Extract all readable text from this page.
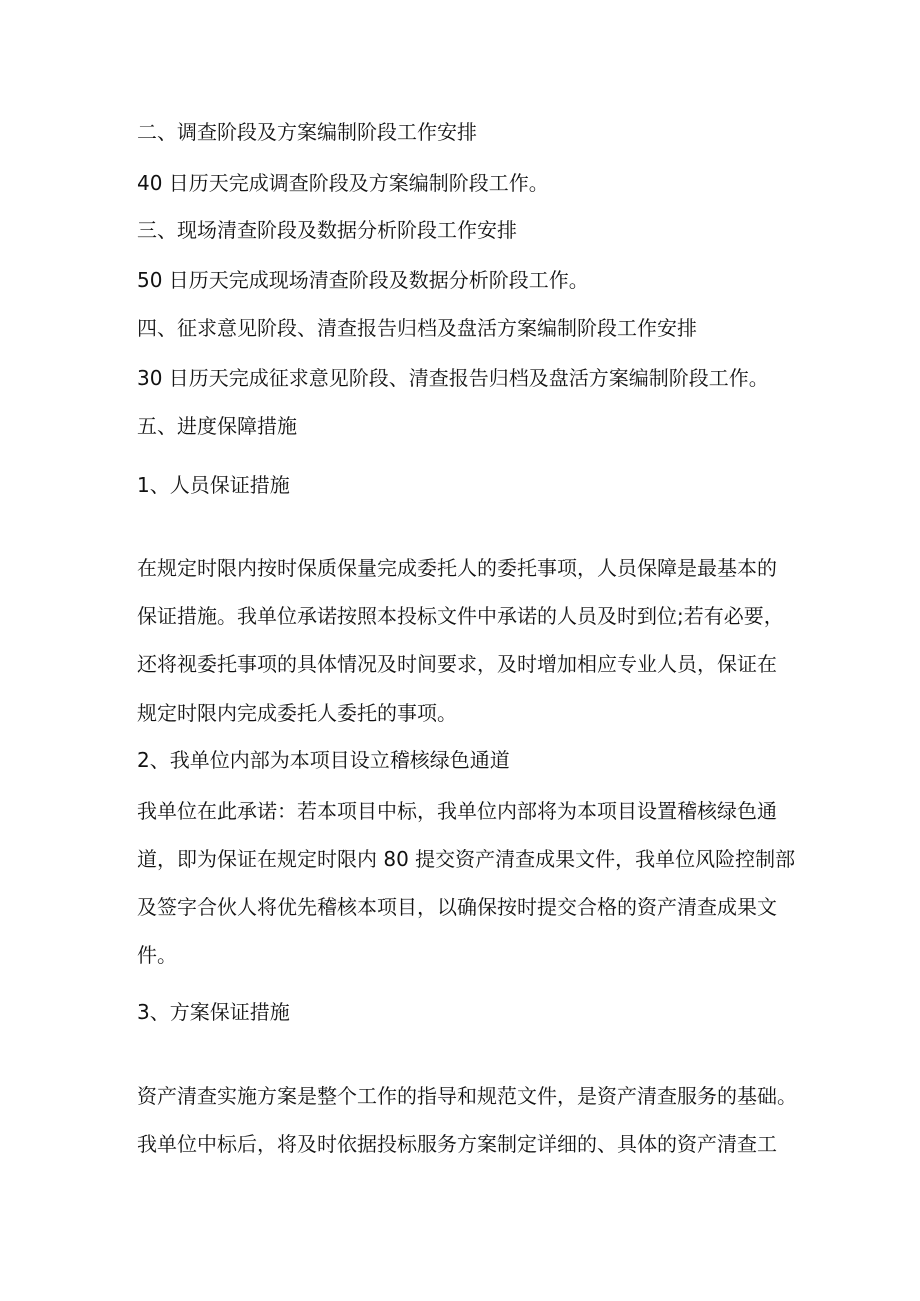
二、调查阶段及方案编制阶段工作安排

40 日历天完成调查阶段及方案编制阶段工作。

三、现场清查阶段及数据分析阶段工作安排

50 日历天完成现场清查阶段及数据分析阶段工作。

四、征求意见阶段、清查报告归档及盘活方案编制阶段工作安排

30 日历天完成征求意见阶段、清查报告归档及盘活方案编制阶段工作。

五、进度保障措施

1、人员保证措施

在规定时限内按时保质保量完成委托人的委托事项，人员保障是最基本的

保证措施。我单位承诺按照本投标文件中承诺的人员及时到位;若有必要，

还将视委托事项的具体情况及时间要求，及时增加相应专业人员，保证在

规定时限内完成委托人委托的事项。

2、我单位内部为本项目设立稽核绿色通道

我单位在此承诺：若本项目中标，我单位内部将为本项目设置稽核绿色通

道，即为保证在规定时限内 80 提交资产清查成果文件，我单位风险控制部

及签字合伙人将优先稽核本项目，以确保按时提交合格的资产清查成果文

件。

3、方案保证措施

资产清查实施方案是整个工作的指导和规范文件，是资产清查服务的基础。

我单位中标后，将及时依据投标服务方案制定详细的、具体的资产清查工
